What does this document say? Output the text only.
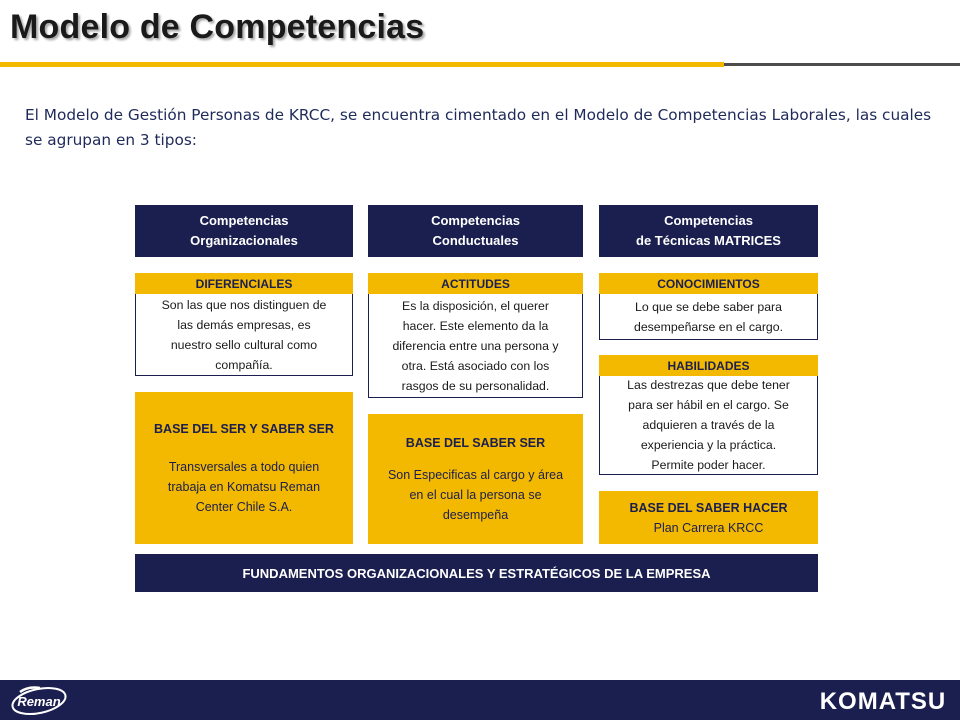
Modelo de Competencias
El Modelo de Gestión Personas de KRCC, se encuentra cimentado en el Modelo de Competencias Laborales, las cuales se agrupan en 3 tipos:
Competencias
Organizacionales
DIFERENCIALES
Son las que nos distinguen de
las demás empresas, es
nuestro sello cultural como
compañía.
BASE DEL SER Y SABER SER
Transversales a todo quien
trabaja en Komatsu Reman
Center Chile S.A.
Competencias
Conductuales
ACTITUDES
Es la disposición, el querer
hacer. Este elemento da la
diferencia entre una persona y
otra. Está asociado con los
rasgos de su personalidad.
BASE DEL SABER SER
Son Especificas al cargo y área
en el cual la persona se
desempeña
Competencias
de Técnicas MATRICES
CONOCIMIENTOS
Lo que se debe saber para
desempeñarse en el cargo.
HABILIDADES
Las destrezas que debe tener
para ser hábil en el cargo. Se
adquieren a través de la
experiencia y la práctica.
Permite poder hacer.
BASE DEL SABER HACER
Plan Carrera KRCC
FUNDAMENTOS ORGANIZACIONALES Y ESTRATÉGICOS DE LA EMPRESA
Reman	KOMATSU
